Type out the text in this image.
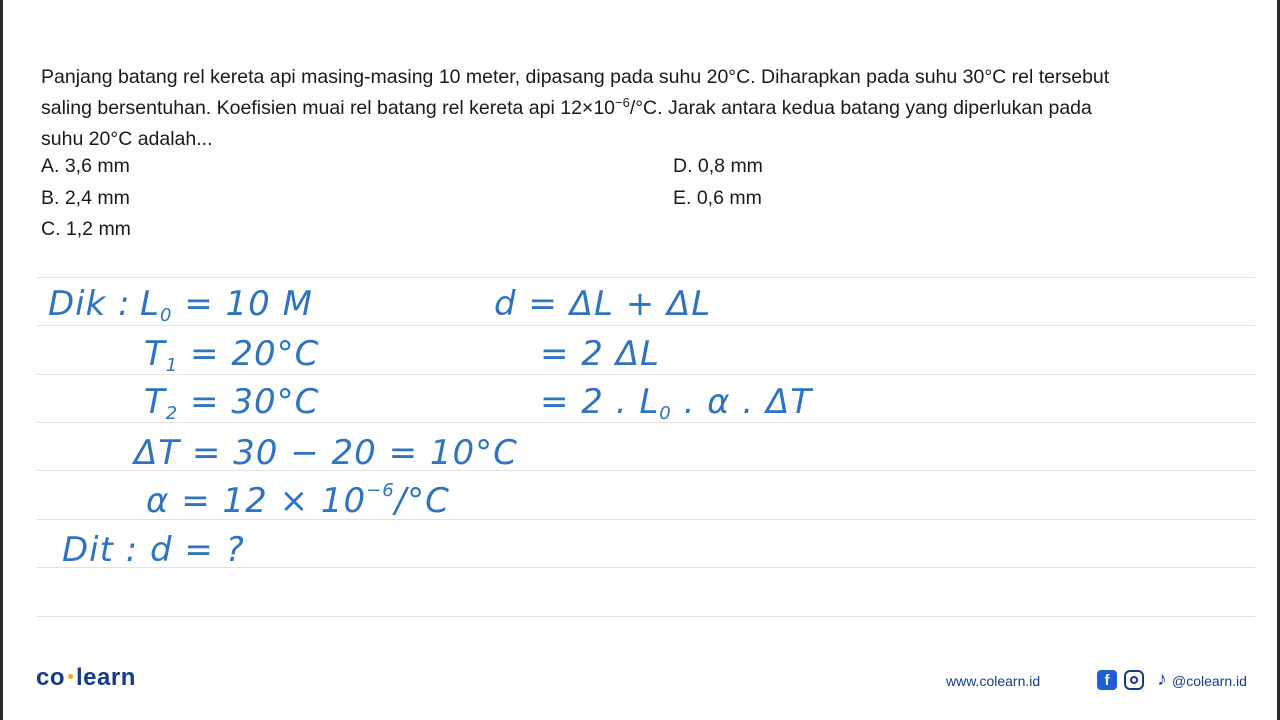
Panjang batang rel kereta api masing-masing 10 meter, dipasang pada suhu 20°C. Diharapkan pada suhu 30°C rel tersebut
saling bersentuhan. Koefisien muai rel batang rel kereta api $12\times 10^{-6}/^\circ C$. Jarak antara kedua batang yang diperlukan pada
suhu 20°C adalah...
A. 3,6 mm
B. 2,4 mm
C. 1,2 mm
D. 0,8 mm
E. 0,6 mm
Dik : $L_0 = 10$ M
$T_1 = 20^\circ C$
$T_2 = 30^\circ C$
ΔT = 30 − 20 = 10°C
$\alpha = 12 \times 10^{-6}/^\circ C$
Dit : d = ?
d = ΔL + ΔL
= 2 ΔL
= 2 . $L_0$ . α . ΔT
co learn	www.colearn.id	f	♪ @colearn.id
